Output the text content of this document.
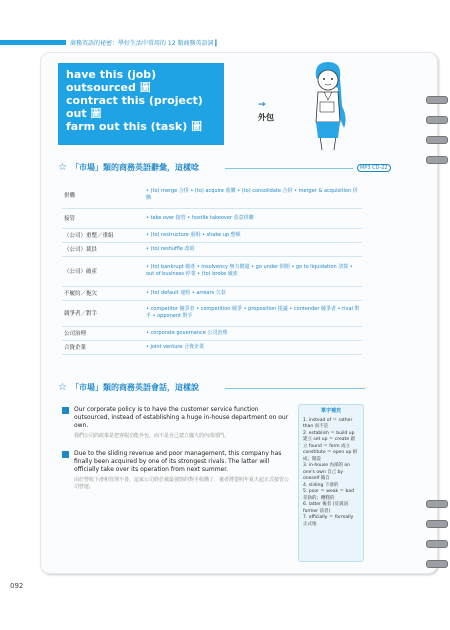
商務英語的祕密：學好生活中常用的 12 類商務英語詞 ▎
have this (job)
outsourced 圖
contract this (project)
out 圖
farm out this (task) 圖
→
外包
☆ 「市場」類的商務英語辭彙，這樣唸	MP3 CD-22
併購	• (to) merge 合併 • (to) acquire 收購 • (to) consolidate 合併 • merger & acquisition 併購
接管	• take over 接管 • hostile takeover 惡意併購
（公司）重整／重組	• (to) restructure 重組 • shake up 整頓
（公司）裁員	• (to) reshuffle 改組
（公司）破產	• (to) bankrupt 破產 • insolvency 無力償還 • go under 倒閉 • go to liquidation 清算 • out of business 停業 • (to) broke 破產
不履約／拖欠	• (to) default 違約 • arrears 欠款
競爭者／對手	• competitor 競爭者 • competition 競爭 • proposition 提議 • contender 競爭者 • rival 對手 • opponent 對手
公司治理	• corporate governance 公司治理
合資企業	• joint venture 合資企業
☆ 「市場」類的商務英語會話，這樣說
Our corporate policy is to have the customer service function outsourced, instead of establishing a huge in-house department on our own.
我們公司的政策是把客服功能外包，而不是自己建立龐大的內部部門。
Due to the sliding revenue and poor management, this company has finally been acquired by one of its strongest rivals. The latter will officially take over its operation from next summer.
由於營收下滑和管理不善，這家公司終於被最強勁的對手收購了，後者將從明年夏天起正式接管公司營運。
單字補充
1. instead of ＝ rather than 而不是
2. establish ＝ build up 建立 set up ＝ create 創立 found ＝ form 成立 constitute ＝ open up 組成；開設
3. in-house 內部的 on one's own 自己 by oneself 獨自
4. sliding 下滑的
5. poor ＝ weak ＝ bad 差勁的；糟糕的
6. latter 後者 (反義詞 former 前者)
7. officially ＝ formally 正式地
092
